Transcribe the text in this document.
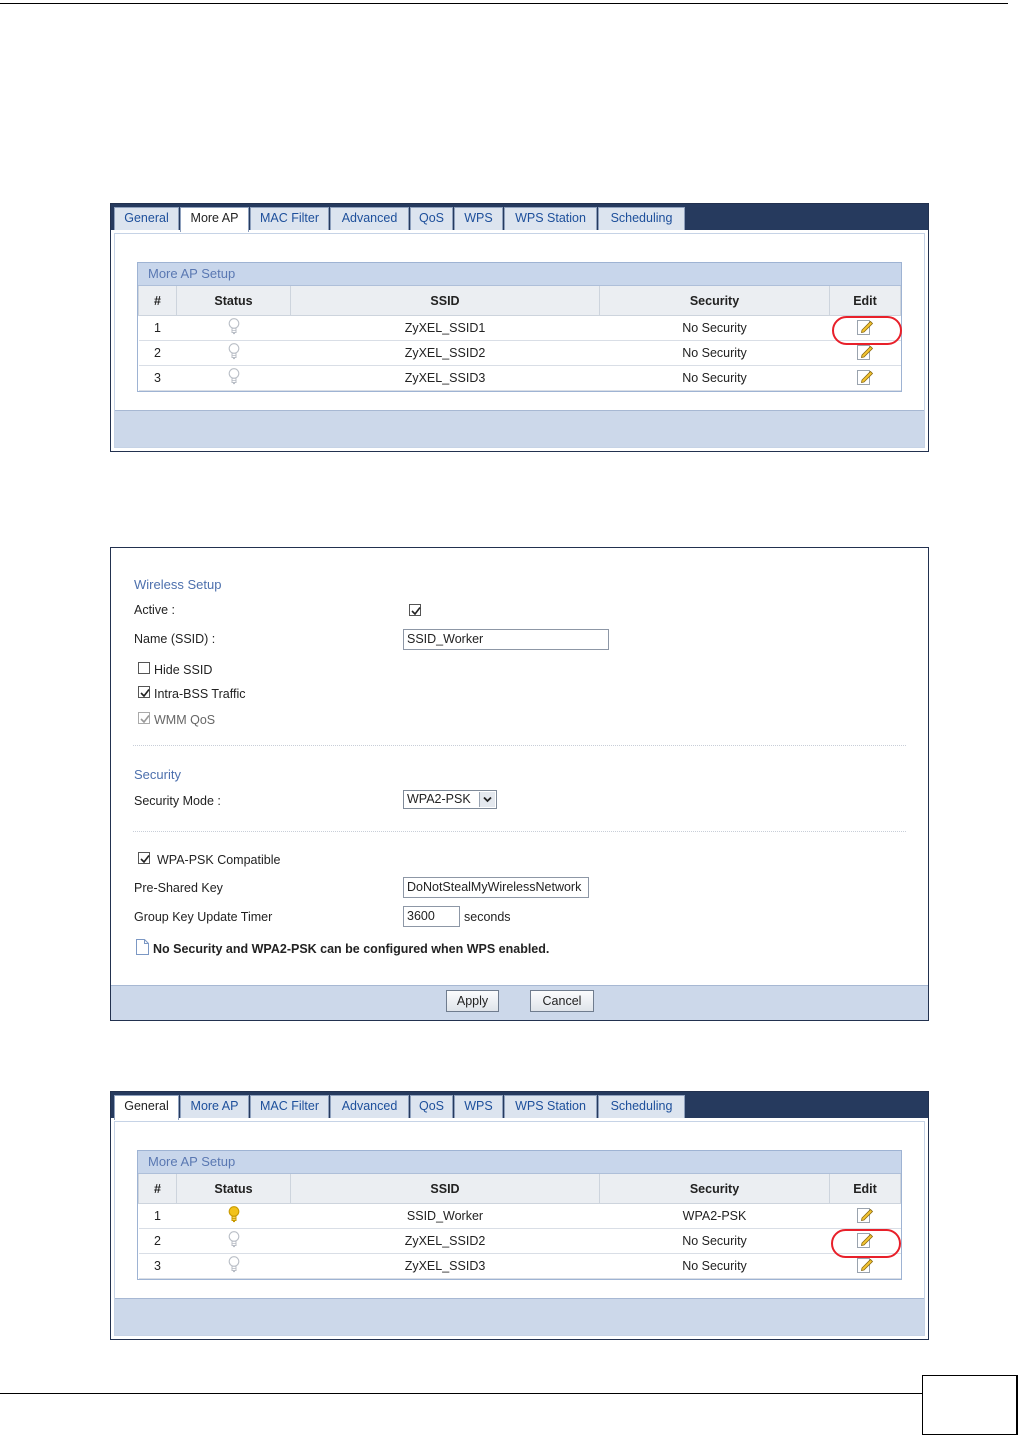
General	More AP	MAC Filter	Advanced	QoS	WPS	WPS Station	Scheduling
More AP Setup
#	Status	SSID	Security	Edit
1		ZyXEL_SSID1	No Security	
2		ZyXEL_SSID2	No Security	
3		ZyXEL_SSID3	No Security	
Wireless Setup
Active :
Name (SSID) :	SSID_Worker
Hide SSID
Intra-BSS Traffic
WMM QoS
Security
Security Mode :	WPA2-PSK
WPA-PSK Compatible
Pre-Shared Key	DoNotStealMyWirelessNetwork
Group Key Update Timer	3600	seconds
No Security and WPA2-PSK can be configured when WPS enabled.
Apply	Cancel
General	More AP	MAC Filter	Advanced	QoS	WPS	WPS Station	Scheduling
More AP Setup
#	Status	SSID	Security	Edit
1		SSID_Worker	WPA2-PSK	
2		ZyXEL_SSID2	No Security	
3		ZyXEL_SSID3	No Security	
